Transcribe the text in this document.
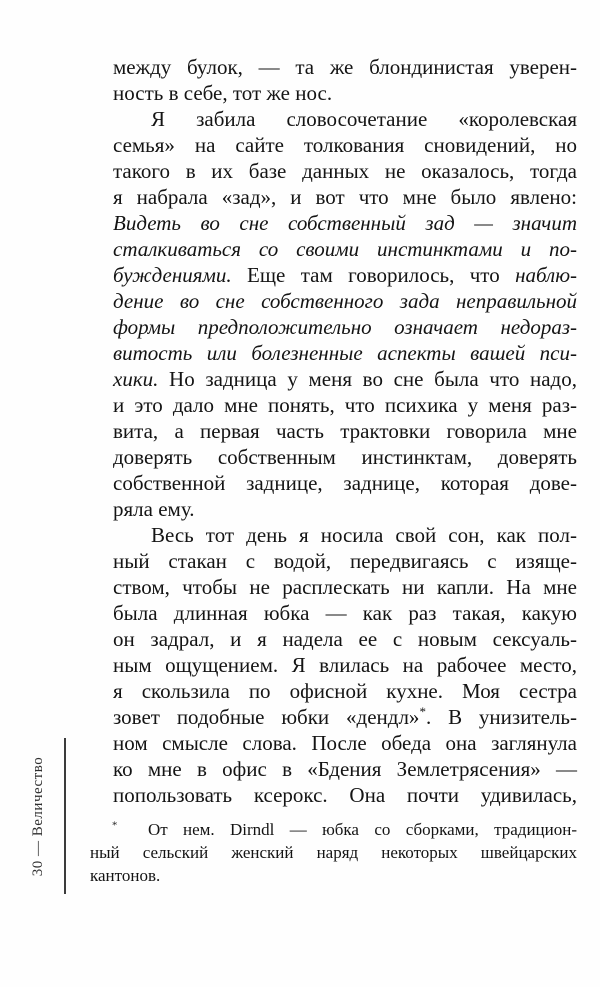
между булок, — та же блондинистая уверен-
ность в себе, тот же нос.
Я забила словосочетание «королевская
семья» на сайте толкования сновидений, но
такого в их базе данных не оказалось, тогда
я набрала «зад», и вот что мне было явлено:
Видеть во сне собственный зад — значит
сталкиваться со своими инстинктами и по-
буждениями. Еще там говорилось, что наблю-
дение во сне собственного зада неправильной
формы предположительно означает недораз-
витость или болезненные аспекты вашей пси-
хики. Но задница у меня во сне была что надо,
и это дало мне понять, что психика у меня раз-
вита, а первая часть трактовки говорила мне
доверять собственным инстинктам, доверять
собственной заднице, заднице, которая дове-
ряла ему.
Весь тот день я носила свой сон, как пол-
ный стакан с водой, передвигаясь с изяще-
ством, чтобы не расплескать ни капли. На мне
была длинная юбка — как раз такая, какую
он задрал, и я надела ее с новым сексуаль-
ным ощущением. Я влилась на рабочее место,
я скользила по офисной кухне. Моя сестра
зовет подобные юбки «дендл»*. В унизитель-
ном смысле слова. После обеда она заглянула
ко мне в офис в «Бдения Землетрясения» —
попользовать ксерокс. Она почти удивилась,
*  От нем. Dirndl — юбка со сборками, традицион-
ный сельский женский наряд некоторых швейцарских
кантонов.
30 — Величество
